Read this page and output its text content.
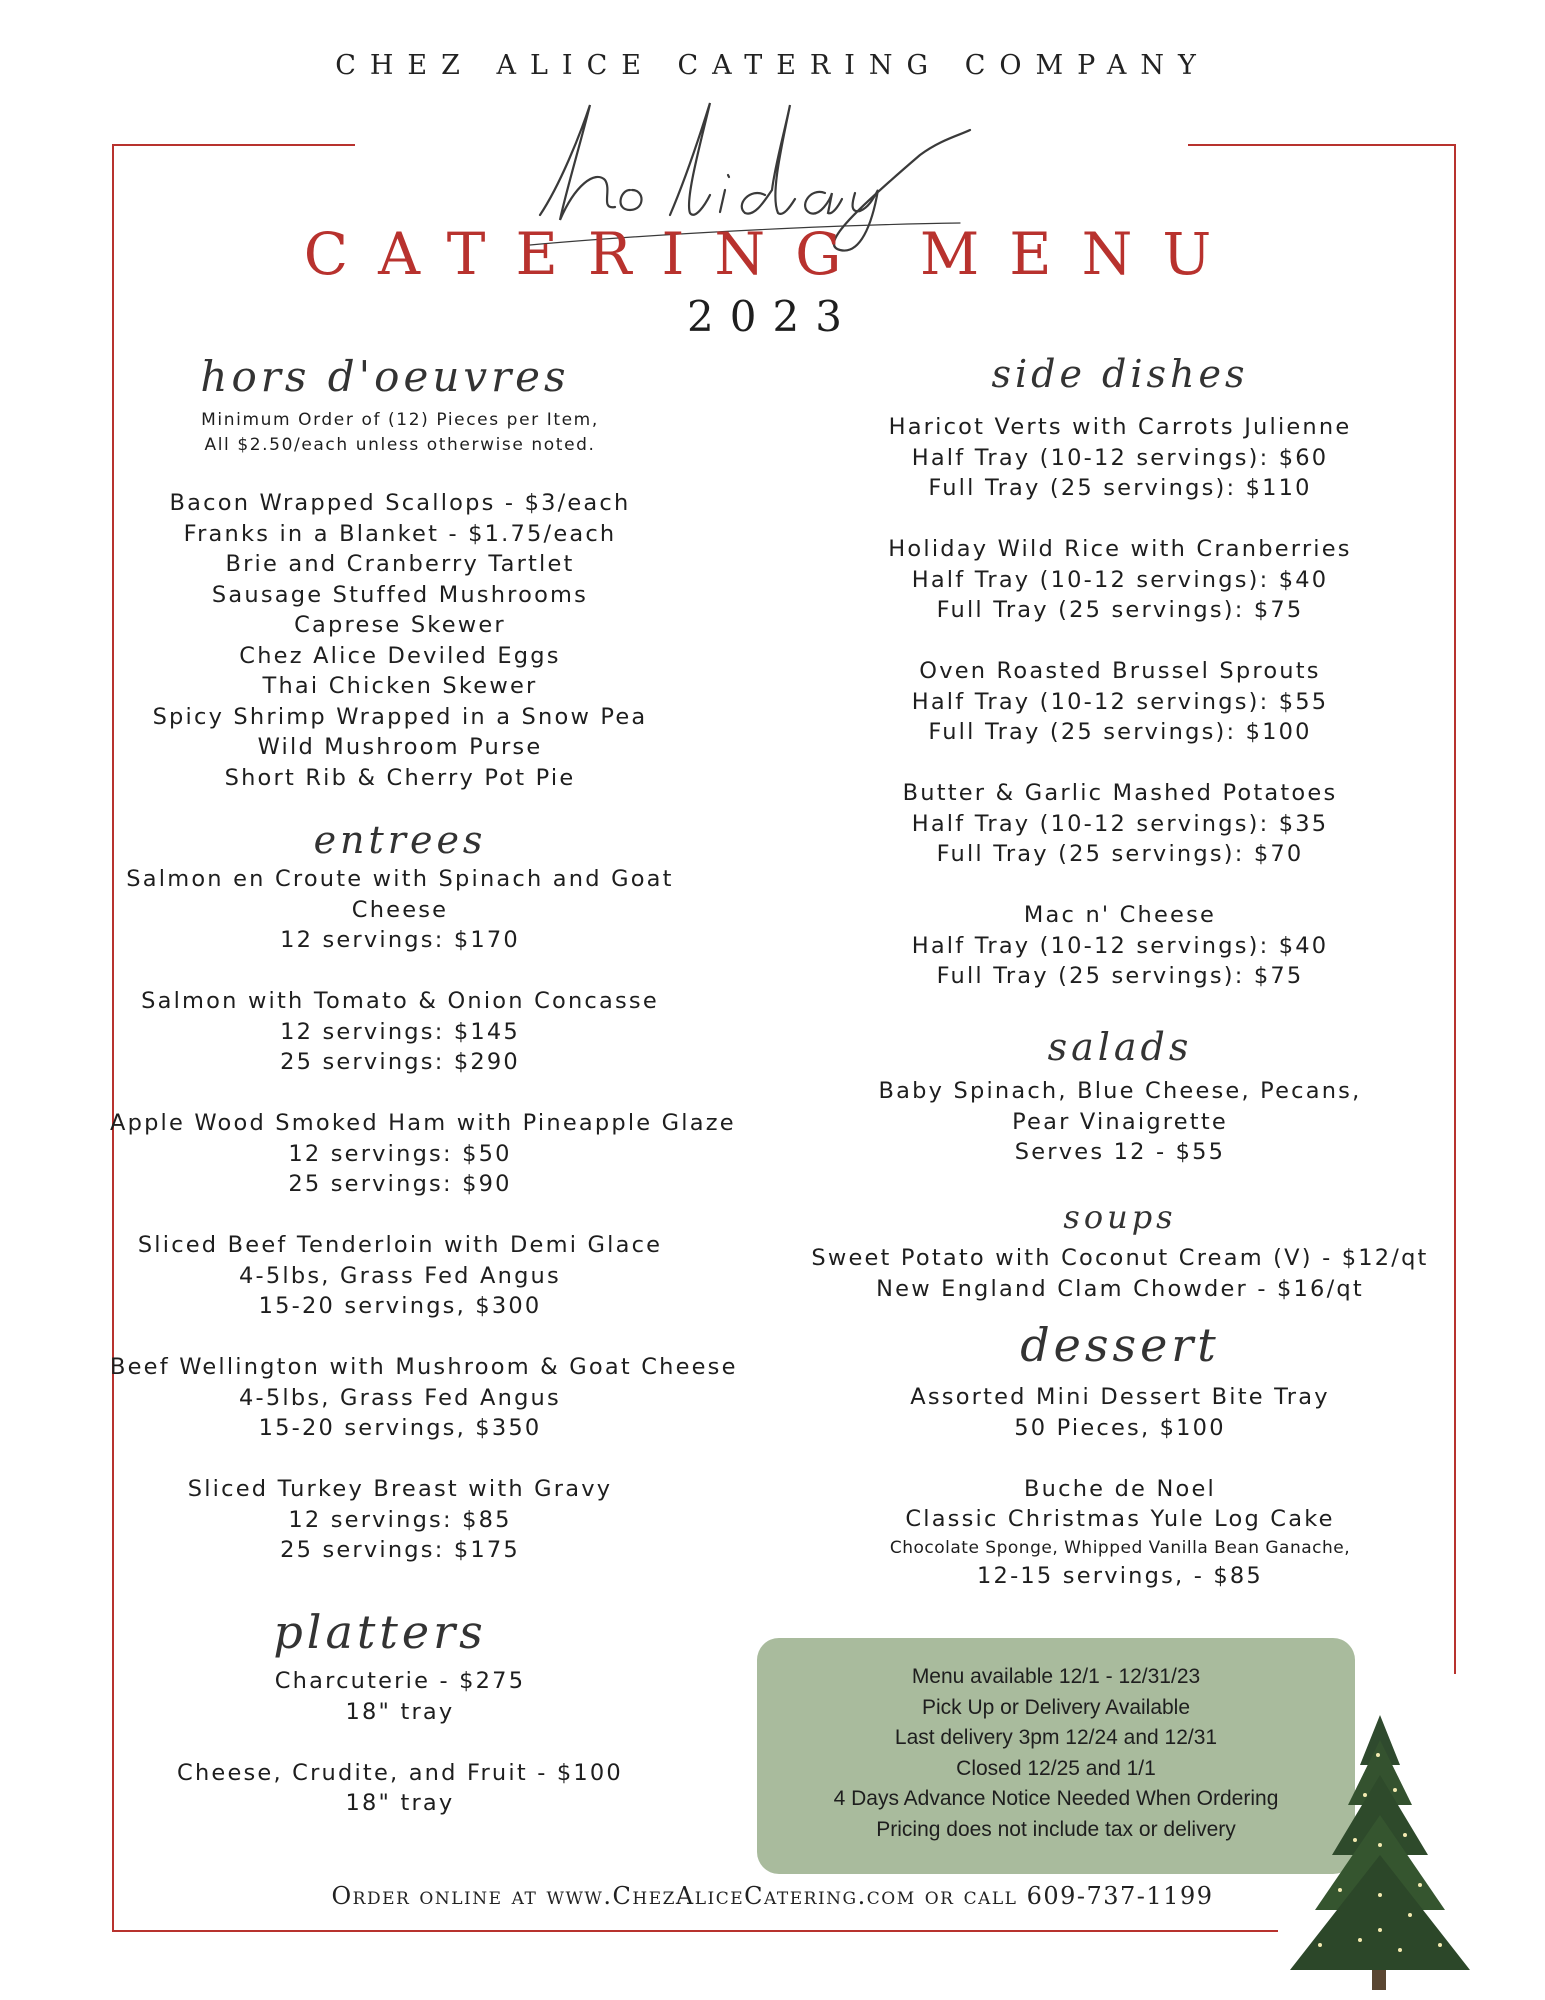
CHEZ ALICE CATERING COMPANY
CATERING MENU
2023
hors d'oeuvres
Minimum Order of (12) Pieces per Item,
All $2.50/each unless otherwise noted.
Bacon Wrapped Scallops - $3/each
Franks in a Blanket - $1.75/each
Brie and Cranberry Tartlet
Sausage Stuffed Mushrooms
Caprese Skewer
Chez Alice Deviled Eggs
Thai Chicken Skewer
Spicy Shrimp Wrapped in a Snow Pea
Wild Mushroom Purse
Short Rib & Cherry Pot Pie
entrees
Salmon en Croute with Spinach and Goat
Cheese
12 servings: $170

Salmon with Tomato & Onion Concasse
12 servings: $145
25 servings: $290

Apple Wood Smoked Ham with Pineapple Glaze
12 servings: $50
25 servings: $90

Sliced Beef Tenderloin with Demi Glace
4-5lbs, Grass Fed Angus
15-20 servings, $300

Beef Wellington with Mushroom & Goat Cheese
4-5lbs, Grass Fed Angus
15-20 servings, $350

Sliced Turkey Breast with Gravy
12 servings: $85
25 servings: $175
platters
Charcuterie - $275
18" tray

Cheese, Crudite, and Fruit - $100
18" tray
side dishes
Haricot Verts with Carrots Julienne
Half Tray (10-12 servings): $60
Full Tray (25 servings): $110

Holiday Wild Rice with Cranberries
Half Tray (10-12 servings): $40
Full Tray (25 servings): $75

Oven Roasted Brussel Sprouts
Half Tray (10-12 servings): $55
Full Tray (25 servings): $100

Butter & Garlic Mashed Potatoes
Half Tray (10-12 servings): $35
Full Tray (25 servings): $70

Mac n' Cheese
Half Tray (10-12 servings): $40
Full Tray (25 servings): $75
salads
Baby Spinach, Blue Cheese, Pecans,
Pear Vinaigrette
Serves 12 - $55
soups
Sweet Potato with Coconut Cream (V) - $12/qt
New England Clam Chowder - $16/qt
dessert
Assorted Mini Dessert Bite Tray
50 Pieces, $100

Buche de Noel
Classic Christmas Yule Log Cake
Chocolate Sponge, Whipped Vanilla Bean Ganache,
12-15 servings, - $85
Menu available 12/1 - 12/31/23
Pick Up or Delivery Available
Last delivery 3pm 12/24 and 12/31
Closed 12/25 and 1/1
4 Days Advance Notice Needed When Ordering
Pricing does not include tax or delivery
Order online at www.ChezAliceCatering.com or call 609-737-1199
